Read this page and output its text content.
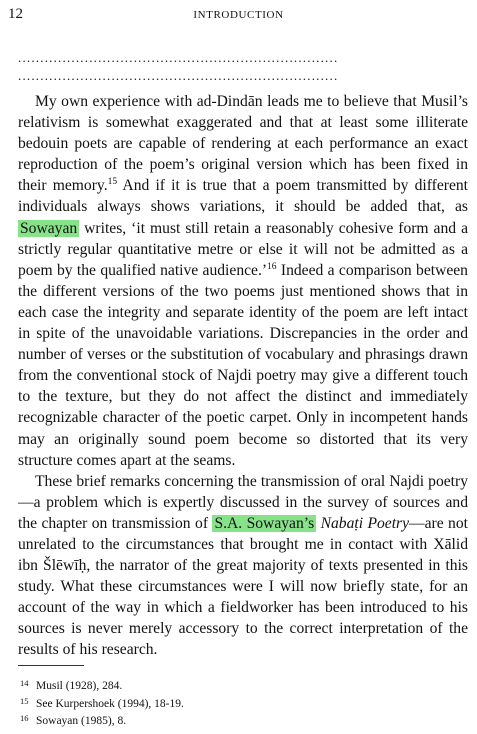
12	INTRODUCTION
........................................................................
........................................................................

My own experience with ad-Dindān leads me to believe that Musil’s relativism is somewhat exaggerated and that at least some illiterate bedouin poets are capable of rendering at each performance an exact reproduction of the poem’s original version which has been fixed in their memory.$^{15}$ And if it is true that a poem transmitted by different individuals always shows variations, it should be added that, as Sowayan writes, ‘it must still retain a reasonably cohesive form and a strictly regular quantitative metre or else it will not be admitted as a poem by the qualified native audience.’$^{16}$ Indeed a comparison between the different versions of the two poems just mentioned shows that in each case the integrity and separate identity of the poem are left intact in spite of the unavoidable variations. Discrepancies in the order and number of verses or the substitution of vocabulary and phrasings drawn from the conventional stock of Najdi poetry may give a different touch to the texture, but they do not affect the distinct and immediately recognizable character of the poetic carpet. Only in incompetent hands may an originally sound poem become so distorted that its very structure comes apart at the seams.

These brief remarks concerning the transmission of oral Najdi poetry—a problem which is expertly discussed in the survey of sources and the chapter on transmission of S.A. Sowayan’s Nabaṭi Poetry—are not unrelated to the circumstances that brought me in contact with Xālid ibn Šlēwīḥ, the narrator of the great majority of texts presented in this study. What these circumstances were I will now briefly state, for an account of the way in which a fieldworker has been introduced to his sources is never merely accessory to the correct interpretation of the results of his research.

14 Musil (1928), 284.
15 See Kurpershoek (1994), 18-19.
16 Sowayan (1985), 8.
